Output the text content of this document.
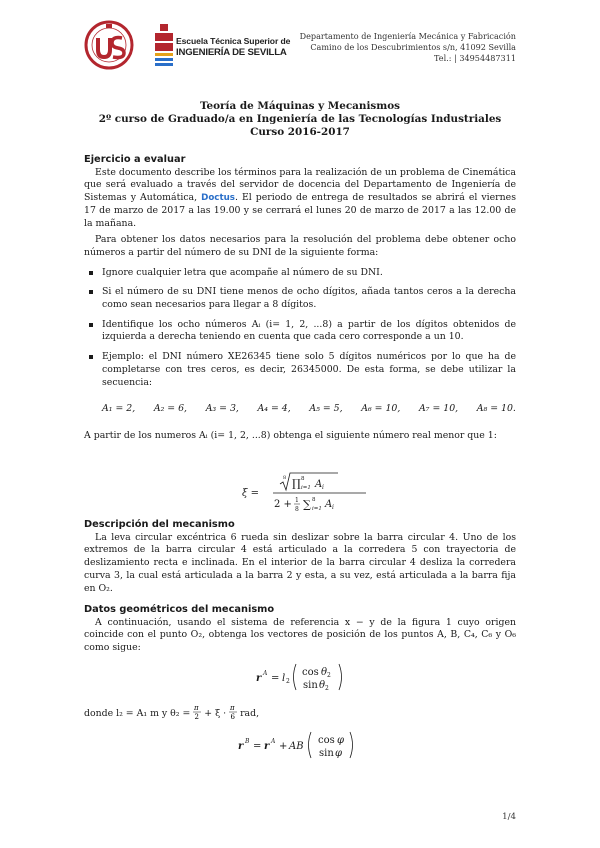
Escuela Técnica Superior de
INGENIERÍA DE SEVILLA
Departamento de Ingeniería Mecánica y Fabricación
Camino de los Descubrimientos s/n, 41092 Sevilla
Tel.: | 34954487311
Teoría de Máquinas y Mecanismos
2º curso de Graduado/a en Ingeniería de las Tecnologías Industriales
Curso 2016-2017
Ejercicio a evaluar

Este documento describe los términos para la realización de un problema de Cinemática que será evaluado a través del servidor de docencia del Departamento de Ingeniería de Sistemas y Automática, Doctus. El periodo de entrega de resultados se abrirá el viernes 17 de marzo de 2017 a las 19.00 y se cerrará el lunes 20 de marzo de 2017 a las 12.00 de la mañana.

Para obtener los datos necesarios para la resolución del problema debe obtener ocho números a partir del número de su DNI de la siguiente forma:

Ignore cualquier letra que acompañe al número de su DNI.
Si el número de su DNI tiene menos de ocho dígitos, añada tantos ceros a la derecha como sean necesarios para llegar a 8 dígitos.
Identifique los ocho números Aᵢ (i= 1, 2, ...8) a partir de los dígitos obtenidos de izquierda a derecha teniendo en cuenta que cada cero corresponde a un 10.
Ejemplo: el DNI número XE26345 tiene solo 5 dígitos numéricos por lo que ha de completarse con tres ceros, es decir, 26345000. De esta forma, se debe utilizar la secuencia:
A₁ = 2, A₂ = 6, A₃ = 3, A₄ = 4, A₅ = 5, A₆ = 10, A₇ = 10, A₈ = 10.

A partir de los numeros Aᵢ (i= 1, 2, ...8) obtenga el siguiente número real menor que 1:

ξ =
8 ∏ 8
i=1 A i
2 + 1
8 ∑ 8
i=1 A i
Descripción del mecanismo

La leva circular excéntrica 6 rueda sin deslizar sobre la barra circular 4. Uno de los extremos de la barra circular 4 está articulado a la corredera 5 con trayectoria de deslizamiento recta e inclinada. En el interior de la barra circular 4 desliza la corredera curva 3, la cual está articulada a la barra 2 y esta, a su vez, está articulada a la barra fija en O₂.

Datos geométricos del mecanismo

A continuación, usando el sistema de referencia x − y de la figura 1 cuyo origen coincide con el punto O₂, obtenga los vectores de posición de los puntos A, B, C₄, C₆ y O₆ como sigue:

r A = l 2
cos θ 2
sin θ 2
donde l₂ = A₁ m y θ₂ = π
2 + ξ · π
6 rad,
r B = r A + AB
cos φ
sin φ
1/4
